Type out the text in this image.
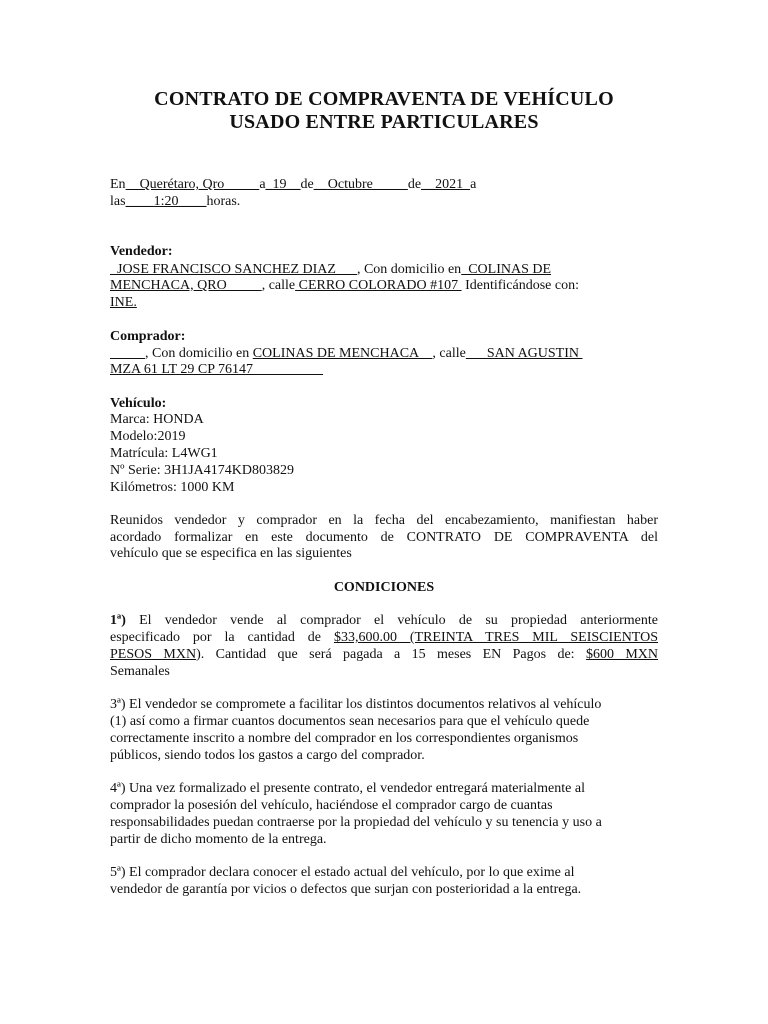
CONTRATO DE COMPRAVENTA DE VEHÍCULO
USADO ENTRE PARTICULARES
En    Querétaro, Qro          a_19__de__Octubre          de__2021  a
las____1:20____horas.
Vendedor:
JOSE FRANCISCO SANCHEZ DIAZ      , Con domicilio en  COLINAS DE
MENCHACA, QRO          , calle CERRO COLORADO #107  Identificándose con:
INE.
Comprador:
, Con domicilio en COLINAS DE MENCHACA    , calle      SAN AGUSTIN
MZA 61 LT 29 CP 76147
Vehículo:
Marca: HONDA
Modelo:2019
Matrícula: L4WG1
Nº Serie: 3H1JA4174KD803829
Kilómetros: 1000 KM
Reunidos vendedor y comprador en la fecha del encabezamiento, manifiestan haber
acordado formalizar en este documento de CONTRATO DE COMPRAVENTA del
vehículo que se especifica en las siguientes
CONDICIONES
1ª) El vendedor vende al comprador el vehículo de su propiedad anteriormente
especificado por la cantidad de $33,600.00 (TREINTA TRES MIL SEISCIENTOS
PESOS MXN). Cantidad que será pagada a 15 meses EN Pagos de: $600 MXN
Semanales
3ª) El vendedor se compromete a facilitar los distintos documentos relativos al vehículo
(1) así como a firmar cuantos documentos sean necesarios para que el vehículo quede
correctamente inscrito a nombre del comprador en los correspondientes organismos
públicos, siendo todos los gastos a cargo del comprador.
4ª) Una vez formalizado el presente contrato, el vendedor entregará materialmente al
comprador la posesión del vehículo, haciéndose el comprador cargo de cuantas
responsabilidades puedan contraerse por la propiedad del vehículo y su tenencia y uso a
partir de dicho momento de la entrega.
5ª) El comprador declara conocer el estado actual del vehículo, por lo que exime al
vendedor de garantía por vicios o defectos que surjan con posterioridad a la entrega.
